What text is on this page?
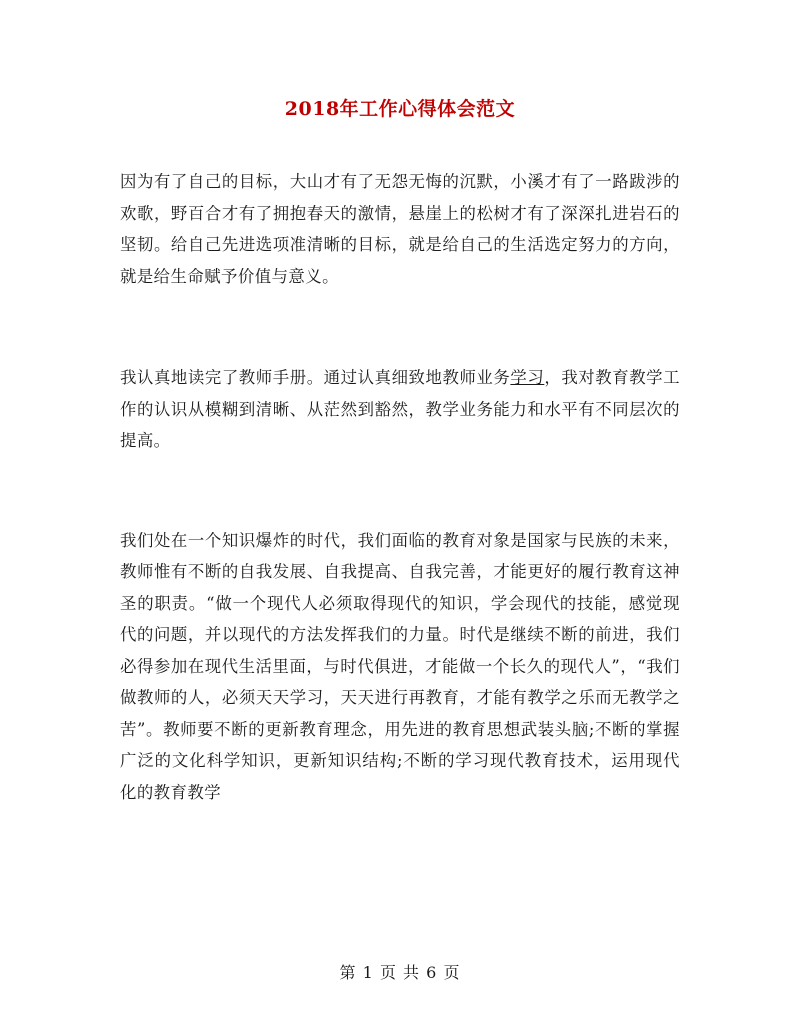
2018年工作心得体会范文

因为有了自己的目标，大山才有了无怨无悔的沉默，小溪才有了一路跋涉的欢歌，野百合才有了拥抱春天的激情，悬崖上的松树才有了深深扎进岩石的坚韧。给自己先进选项准清晰的目标，就是给自己的生活选定努力的方向，就是给生命赋予价值与意义。

我认真地读完了教师手册。通过认真细致地教师业务学习，我对教育教学工作的认识从模糊到清晰、从茫然到豁然，教学业务能力和水平有不同层次的提高。

我们处在一个知识爆炸的时代，我们面临的教育对象是国家与民族的未来，教师惟有不断的自我发展、自我提高、自我完善，才能更好的履行教育这神圣的职责。“做一个现代人必须取得现代的知识，学会现代的技能，感觉现代的问题，并以现代的方法发挥我们的力量。时代是继续不断的前进，我们必得参加在现代生活里面，与时代俱进，才能做一个长久的现代人”，“我们做教师的人，必须天天学习，天天进行再教育，才能有教学之乐而无教学之苦”。教师要不断的更新教育理念，用先进的教育思想武装头脑;不断的掌握广泛的文化科学知识，更新知识结构;不断的学习现代教育技术，运用现代化的教育教学

第 1 页 共 6 页
